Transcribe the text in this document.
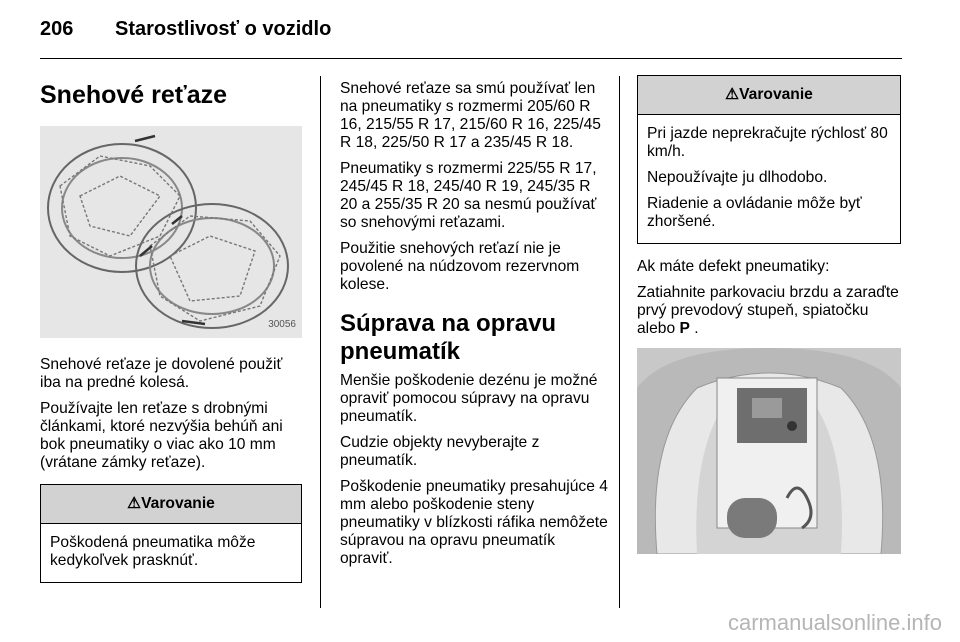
206 Starostlivosť o vozidlo
Snehové reťaze
30056

Snehové reťaze je dovolené použiť iba na predné kolesá.

Používajte len reťaze s drobnými článkami, ktoré nezvýšia behúň ani bok pneumatiky o viac ako 10 mm (vrátane zámky reťaze).

⚠Varovanie

Poškodená pneumatika môže kedykoľvek prasknúť.

Snehové reťaze sa smú používať len na pneumatiky s rozmermi 205/60 R 16, 215/55 R 17, 215/60 R 16, 225/45 R 18, 225/50 R 17 a 235/45 R 18.

Pneumatiky s rozmermi 225/55 R 17, 245/45 R 18, 245/40 R 19, 245/35 R 20 a 255/35 R 20 sa nesmú používať so snehovými reťazami.

Použitie snehových reťazí nie je povolené na núdzovom rezervnom kolese.

Súprava na opravu pneumatík

Menšie poškodenie dezénu je možné opraviť pomocou súpravy na opravu pneumatík.

Cudzie objekty nevyberajte z pneumatík.

Poškodenie pneumatiky presahujúce 4 mm alebo poškodenie steny pneumatiky v blízkosti ráfika nemôžete súpravou na opravu pneumatík opraviť.

⚠Varovanie

Pri jazde neprekračujte rýchlosť 80 km/h.

Nepoužívajte ju dlhodobo.

Riadenie a ovládanie môže byť zhoršené.

Ak máte defekt pneumatiky:

Zatiahnite parkovaciu brzdu a zaraďte prvý prevodový stupeň, spiatočku alebo P .

carmanualsonline.info
